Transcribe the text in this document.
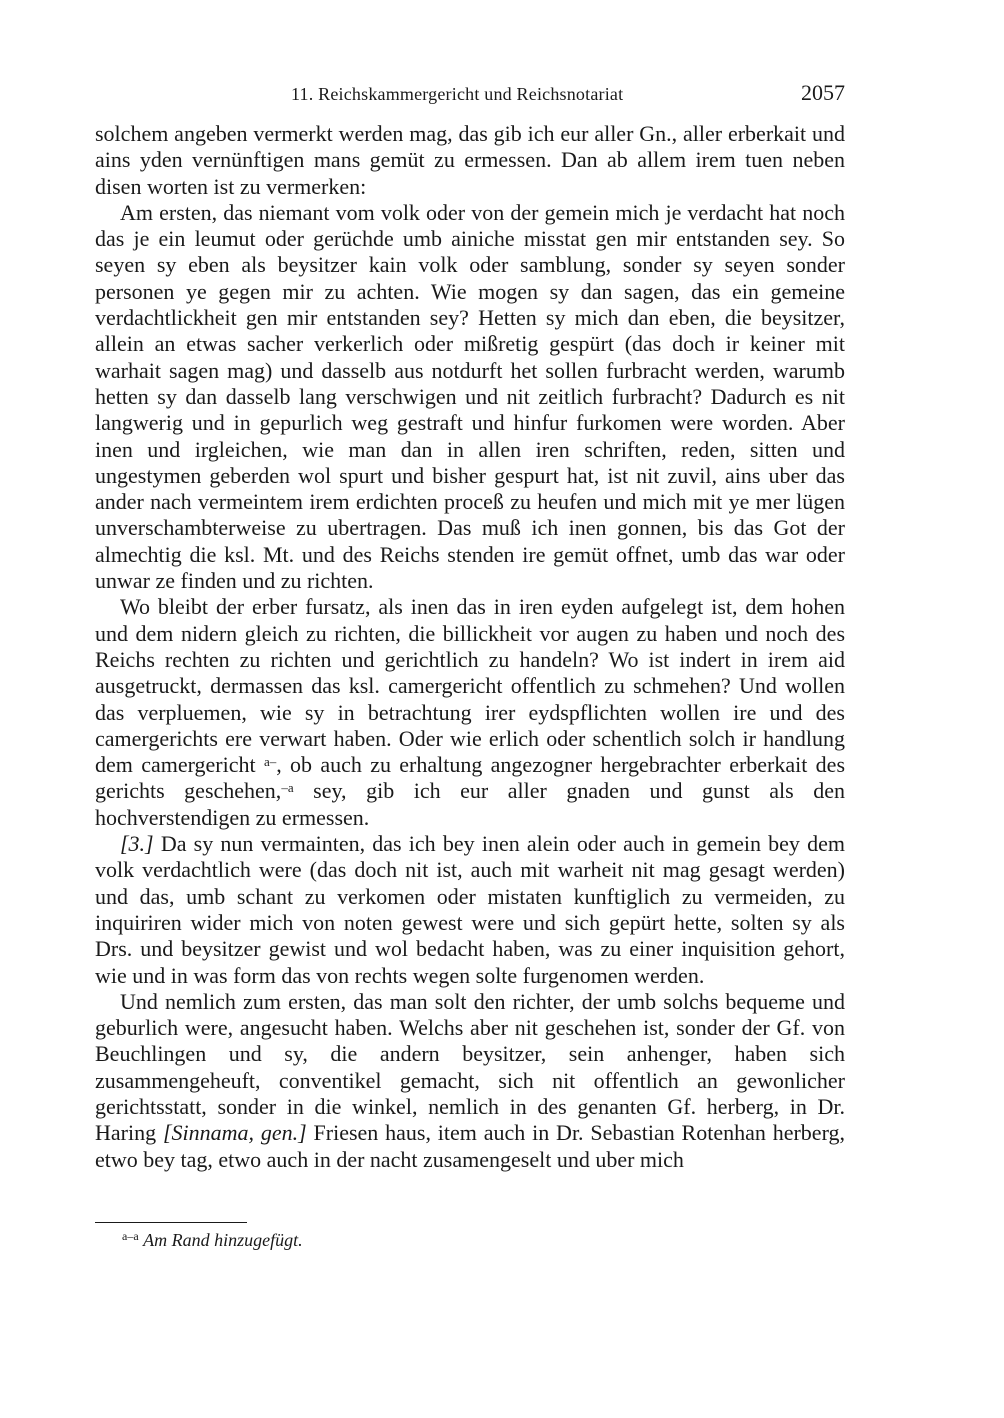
11. Reichskammergericht und Reichsnotariat	2057

solchem angeben vermerkt werden mag, das gib ich eur aller Gn., aller erberkait und ains yden vernünftigen mans gemüt zu ermessen. Dan ab allem irem tuen neben disen worten ist zu vermerken:

Am ersten, das niemant vom volk oder von der gemein mich je verdacht hat noch das je ein leumut oder gerüchde umb ainiche misstat gen mir entstanden sey. So seyen sy eben als beysitzer kain volk oder samblung, sonder sy seyen sonder personen ye gegen mir zu achten. Wie mogen sy dan sagen, das ein gemeine verdachtlickheit gen mir entstanden sey? Hetten sy mich dan eben, die beysitzer, allein an etwas sacher verkerlich oder mißretig gespürt (das doch ir keiner mit warhait sagen mag) und dasselb aus notdurft het sollen furbracht werden, warumb hetten sy dan dasselb lang verschwigen und nit zeitlich furbracht? Dadurch es nit langwerig und in gepurlich weg gestraft und hinfur furkomen were worden. Aber inen und irgleichen, wie man dan in allen iren schriften, reden, sitten und ungestymen geberden wol spurt und bisher gespurt hat, ist nit zuvil, ains uber das ander nach vermeintem irem erdichten proceß zu heufen und mich mit ye mer lügen unverschambterweise zu ubertragen. Das muß ich inen gonnen, bis das Got der almechtig die ksl. Mt. und des Reichs stenden ire gemüt offnet, umb das war oder unwar ze finden und zu richten.

Wo bleibt der erber fursatz, als inen das in iren eyden aufgelegt ist, dem hohen und dem nidern gleich zu richten, die billickheit vor augen zu haben und noch des Reichs rechten zu richten und gerichtlich zu handeln? Wo ist indert in irem aid ausgetruckt, dermassen das ksl. camergericht offentlich zu schmehen? Und wollen das verpluemen, wie sy in betrachtung irer eydspflichten wollen ire und des camergerichts ere verwart haben. Oder wie erlich oder schentlich solch ir handlung dem camergericht $^{a-}$, ob auch zu erhaltung angezogner hergebrachter erberkait des gerichts geschehen,$^{-a}$ sey, gib ich eur aller gnaden und gunst als den hochverstendigen zu ermessen.

[3.] Da sy nun vermainten, das ich bey inen alein oder auch in gemein bey dem volk verdachtlich were (das doch nit ist, auch mit warheit nit mag gesagt werden) und das, umb schant zu verkomen oder mistaten kunftiglich zu vermeiden, zu inquiriren wider mich von noten gewest were und sich gepürt hette, solten sy als Drs. und beysitzer gewist und wol bedacht haben, was zu einer inquisition gehort, wie und in was form das von rechts wegen solte furgenomen werden.

Und nemlich zum ersten, das man solt den richter, der umb solchs bequeme und geburlich were, angesucht haben. Welchs aber nit geschehen ist, sonder der Gf. von Beuchlingen und sy, die andern beysitzer, sein anhenger, haben sich zusammengeheuft, conventikel gemacht, sich nit offentlich an gewonlicher gerichtsstatt, sonder in die winkel, nemlich in des genanten Gf. herberg, in Dr. Haring [Sinnama, gen.] Friesen haus, item auch in Dr. Sebastian Rotenhan herberg, etwo bey tag, etwo auch in der nacht zusamengeselt und uber mich

$^{a-a}$ Am Rand hinzugefügt.
